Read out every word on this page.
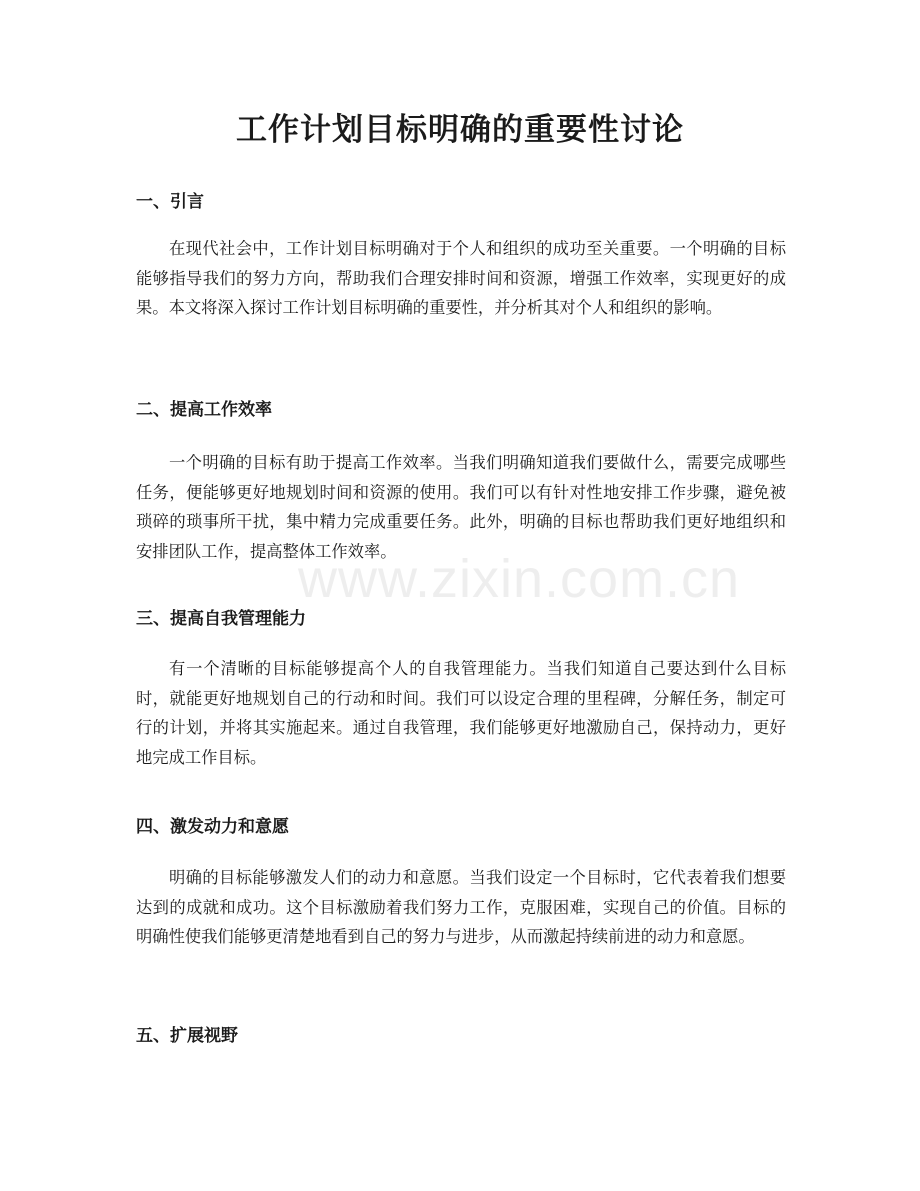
工作计划目标明确的重要性讨论
一、引言

在现代社会中，工作计划目标明确对于个人和组织的成功至关重要。一个明确的目标能够指导我们的努力方向，帮助我们合理安排时间和资源，增强工作效率，实现更好的成果。本文将深入探讨工作计划目标明确的重要性，并分析其对个人和组织的影响。

二、提高工作效率

一个明确的目标有助于提高工作效率。当我们明确知道我们要做什么，需要完成哪些任务，便能够更好地规划时间和资源的使用。我们可以有针对性地安排工作步骤，避免被琐碎的琐事所干扰，集中精力完成重要任务。此外，明确的目标也帮助我们更好地组织和安排团队工作，提高整体工作效率。

三、提高自我管理能力

有一个清晰的目标能够提高个人的自我管理能力。当我们知道自己要达到什么目标时，就能更好地规划自己的行动和时间。我们可以设定合理的里程碑，分解任务，制定可行的计划，并将其实施起来。通过自我管理，我们能够更好地激励自己，保持动力，更好地完成工作目标。

四、激发动力和意愿

明确的目标能够激发人们的动力和意愿。当我们设定一个目标时，它代表着我们想要达到的成就和成功。这个目标激励着我们努力工作，克服困难，实现自己的价值。目标的明确性使我们能够更清楚地看到自己的努力与进步，从而激起持续前进的动力和意愿。

五、扩展视野
www.zixin.com.cn
